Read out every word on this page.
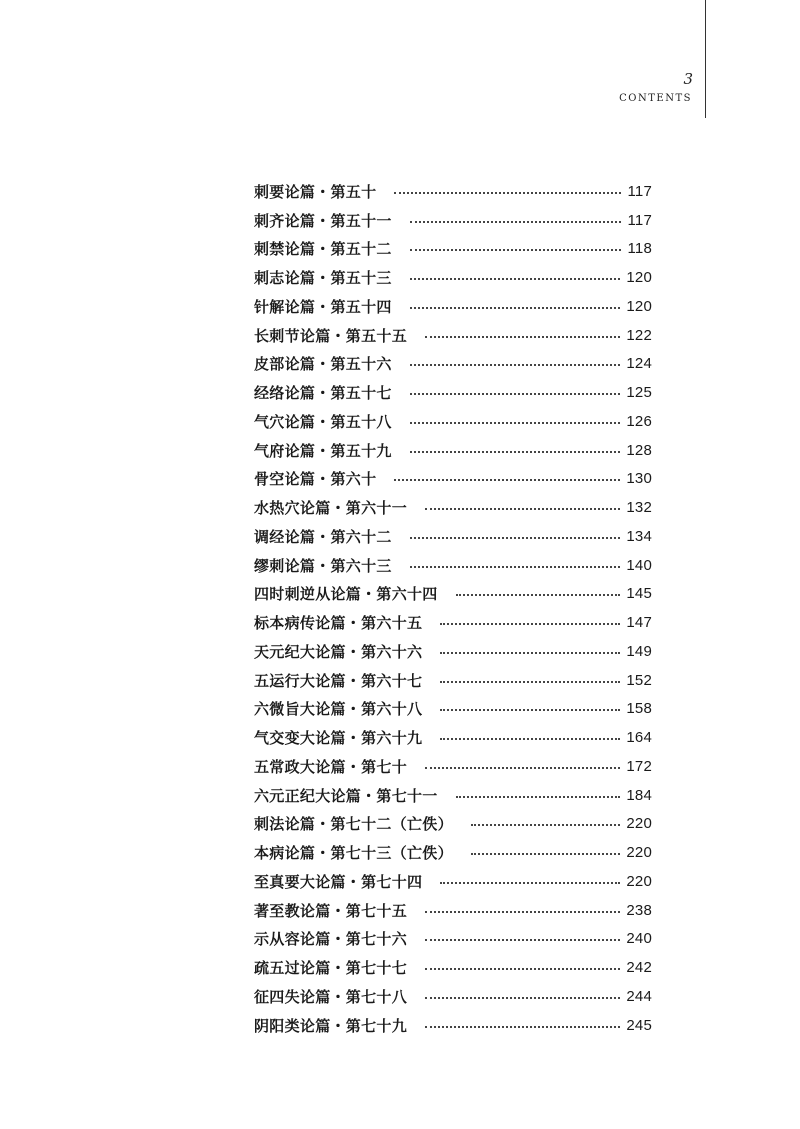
3
CONTENTS
刺要论篇・第五十	117
刺齐论篇・第五十一	117
刺禁论篇・第五十二	118
刺志论篇・第五十三	120
针解论篇・第五十四	120
长刺节论篇・第五十五	122
皮部论篇・第五十六	124
经络论篇・第五十七	125
气穴论篇・第五十八	126
气府论篇・第五十九	128
骨空论篇・第六十	130
水热穴论篇・第六十一	132
调经论篇・第六十二	134
缪刺论篇・第六十三	140
四时刺逆从论篇・第六十四	145
标本病传论篇・第六十五	147
天元纪大论篇・第六十六	149
五运行大论篇・第六十七	152
六微旨大论篇・第六十八	158
气交变大论篇・第六十九	164
五常政大论篇・第七十	172
六元正纪大论篇・第七十一	184
刺法论篇・第七十二（亡佚）	220
本病论篇・第七十三（亡佚）	220
至真要大论篇・第七十四	220
著至教论篇・第七十五	238
示从容论篇・第七十六	240
疏五过论篇・第七十七	242
征四失论篇・第七十八	244
阴阳类论篇・第七十九	245
